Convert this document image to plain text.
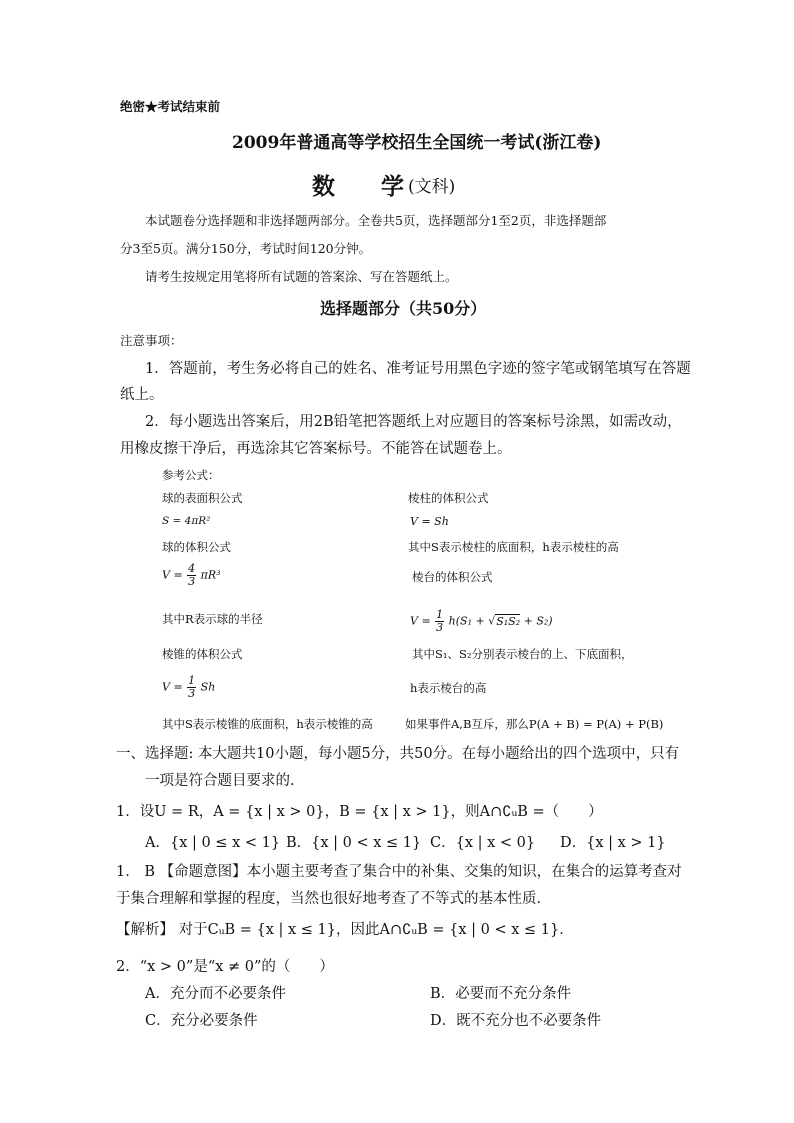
绝密★考试结束前
2009年普通高等学校招生全国统一考试(浙江卷)
数　　学 (文科)
本试题卷分选择题和非选择题两部分。全卷共5页，选择题部分1至2页，非选择题部
分3至5页。满分150分，考试时间120分钟。
请考生按规定用笔将所有试题的答案涂、写在答题纸上。
选择题部分（共50分）
注意事项：
1．答题前，考生务必将自己的姓名、准考证号用黑色字迹的签字笔或钢笔填写在答题
纸上。
2．每小题选出答案后，用2B铅笔把答题纸上对应题目的答案标号涂黑，如需改动，
用橡皮擦干净后，再选涂其它答案标号。不能答在试题卷上。
参考公式：
球的表面积公式
S = 4πR²
球的体积公式
$V = \frac{4}{3} \pi R^3$
其中R表示球的半径
棱锥的体积公式
$V = \frac{1}{3}$ Sh
其中S表示棱锥的底面积，h表示棱锥的高
棱柱的体积公式
V = Sh
其中S表示棱柱的底面积，h表示棱柱的高
棱台的体积公式
$V = \frac{1}{3} h(S_1 + √S_1S_2 + S_2)$
其中S₁、S₂分别表示棱台的上、下底面积，
h表示棱台的高
如果事件A,B互斥，那么P(A + B) = P(A) + P(B)
一、选择题: 本大题共10小题，每小题5分，共50分。在每小题给出的四个选项中，只有
一项是符合题目要求的.
1．设U = R，A = {x | x > 0}，B = {x | x > 1}，则A∩∁ᵤB =（　　）
A．{x | 0 ≤ x < 1} B．{x | 0 < x ≤ 1} C．{x | x < 0} D．{x | x > 1}
1． B 【命题意图】本小题主要考查了集合中的补集、交集的知识，在集合的运算考查对
于集合理解和掌握的程度，当然也很好地考查了不等式的基本性质．
【解析】 对于CᵤB = {x | x ≤ 1}，因此A∩∁ᵤB = {x | 0 < x ≤ 1}．
2．“x > 0”是“x ≠ 0”的（　　）
A．充分而不必要条件	B．必要而不充分条件
C．充分必要条件	D．既不充分也不必要条件
